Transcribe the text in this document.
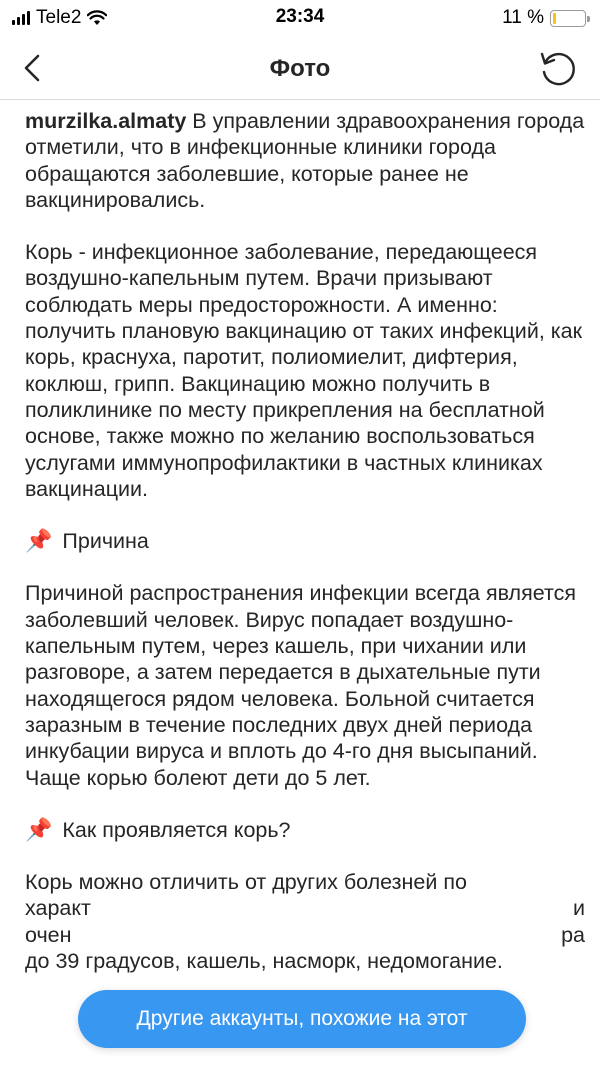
Tele2	23:34	11 %
Фото

murzilka.almaty В управлении здравоохранения города отметили, что в инфекционные клиники города обращаются заболевшие, которые ранее не вакцинировались.

Корь - инфекционное заболевание, передающееся воздушно-капельным путем. Врачи призывают соблюдать меры предосторожности. А именно: получить плановую вакцинацию от таких инфекций, как корь, краснуха, паротит, полиомиелит, дифтерия, коклюш, грипп. Вакцинацию можно получить в поликлинике по месту прикрепления на бесплатной основе, также можно по желанию воспользоваться услугами иммунопрофилактики в частных клиниках вакцинации.

📌 Причина

Причиной распространения инфекции всегда является заболевший человек. Вирус попадает воздушно-капельным путем, через кашель, при чихании или разговоре, а затем передается в дыхательные пути находящегося рядом человека. Больной считается заразным в течение последних двух дней периода инкубации вируса и вплоть до 4-го дня высыпаний. Чаще корью болеют дети до 5 лет.

📌 Как проявляется корь?

Корь можно отличить от других болезней по

характ	и

очен	ра

до 39 градусов, кашель, насморк, недомогание.

Другие аккаунты, похожие на этот
